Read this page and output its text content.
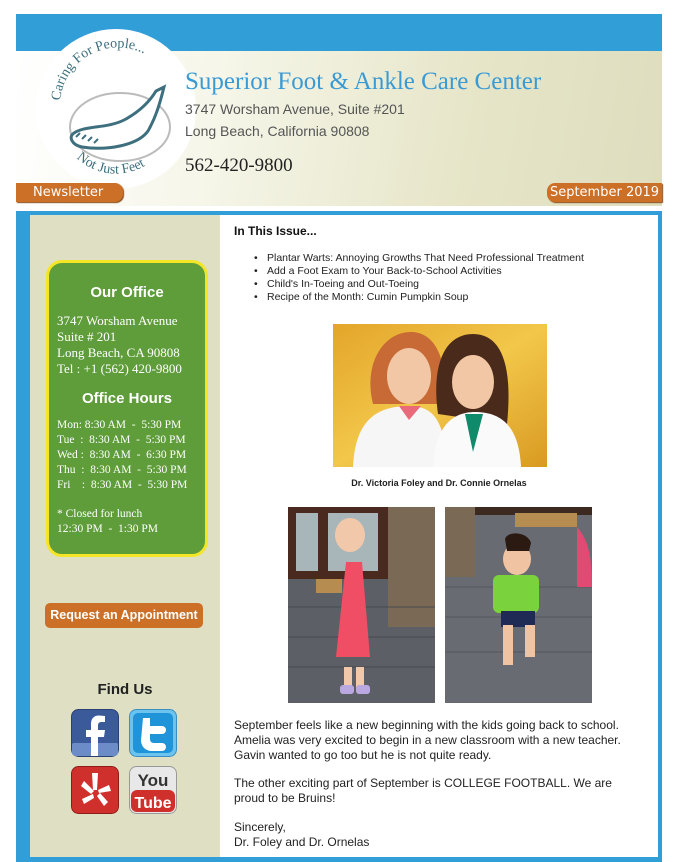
Caring For People...
Not Just Feet
Superior Foot & Ankle Care Center
3747 Worsham Avenue, Suite #201
Long Beach, California 90808
562-420-9800
Newsletter	September 2019
Our Office
3747 Worsham Avenue
Suite # 201
Long Beach, CA 90808
Tel : +1 (562) 420-9800
Office Hours
Mon: 8:30 AM  -  5:30 PM
Tue  :  8:30 AM  -  5:30 PM
Wed :  8:30 AM  -  6:30 PM
Thu  :  8:30 AM  -  5:30 PM
Fri    :  8:30 AM  -  5:30 PM
* Closed for lunch
12:30 PM  -  1:30 PM
Request an Appointment
Find Us
You
Tube
In This Issue...
• Plantar Warts: Annoying Growths That Need Professional Treatment
• Add a Foot Exam to Your Back-to-School Activities
• Child's In-Toeing and Out-Toeing
• Recipe of the Month: Cumin Pumpkin Soup
Dr. Victoria Foley and Dr. Connie Ornelas
September feels like a new beginning with the kids going back to school.
Amelia was very excited to begin in a new classroom with a new teacher.
Gavin wanted to go too but he is not quite ready.
The other exciting part of September is COLLEGE FOOTBALL. We are
proud to be Bruins!
Sincerely,
Dr. Foley and Dr. Ornelas
